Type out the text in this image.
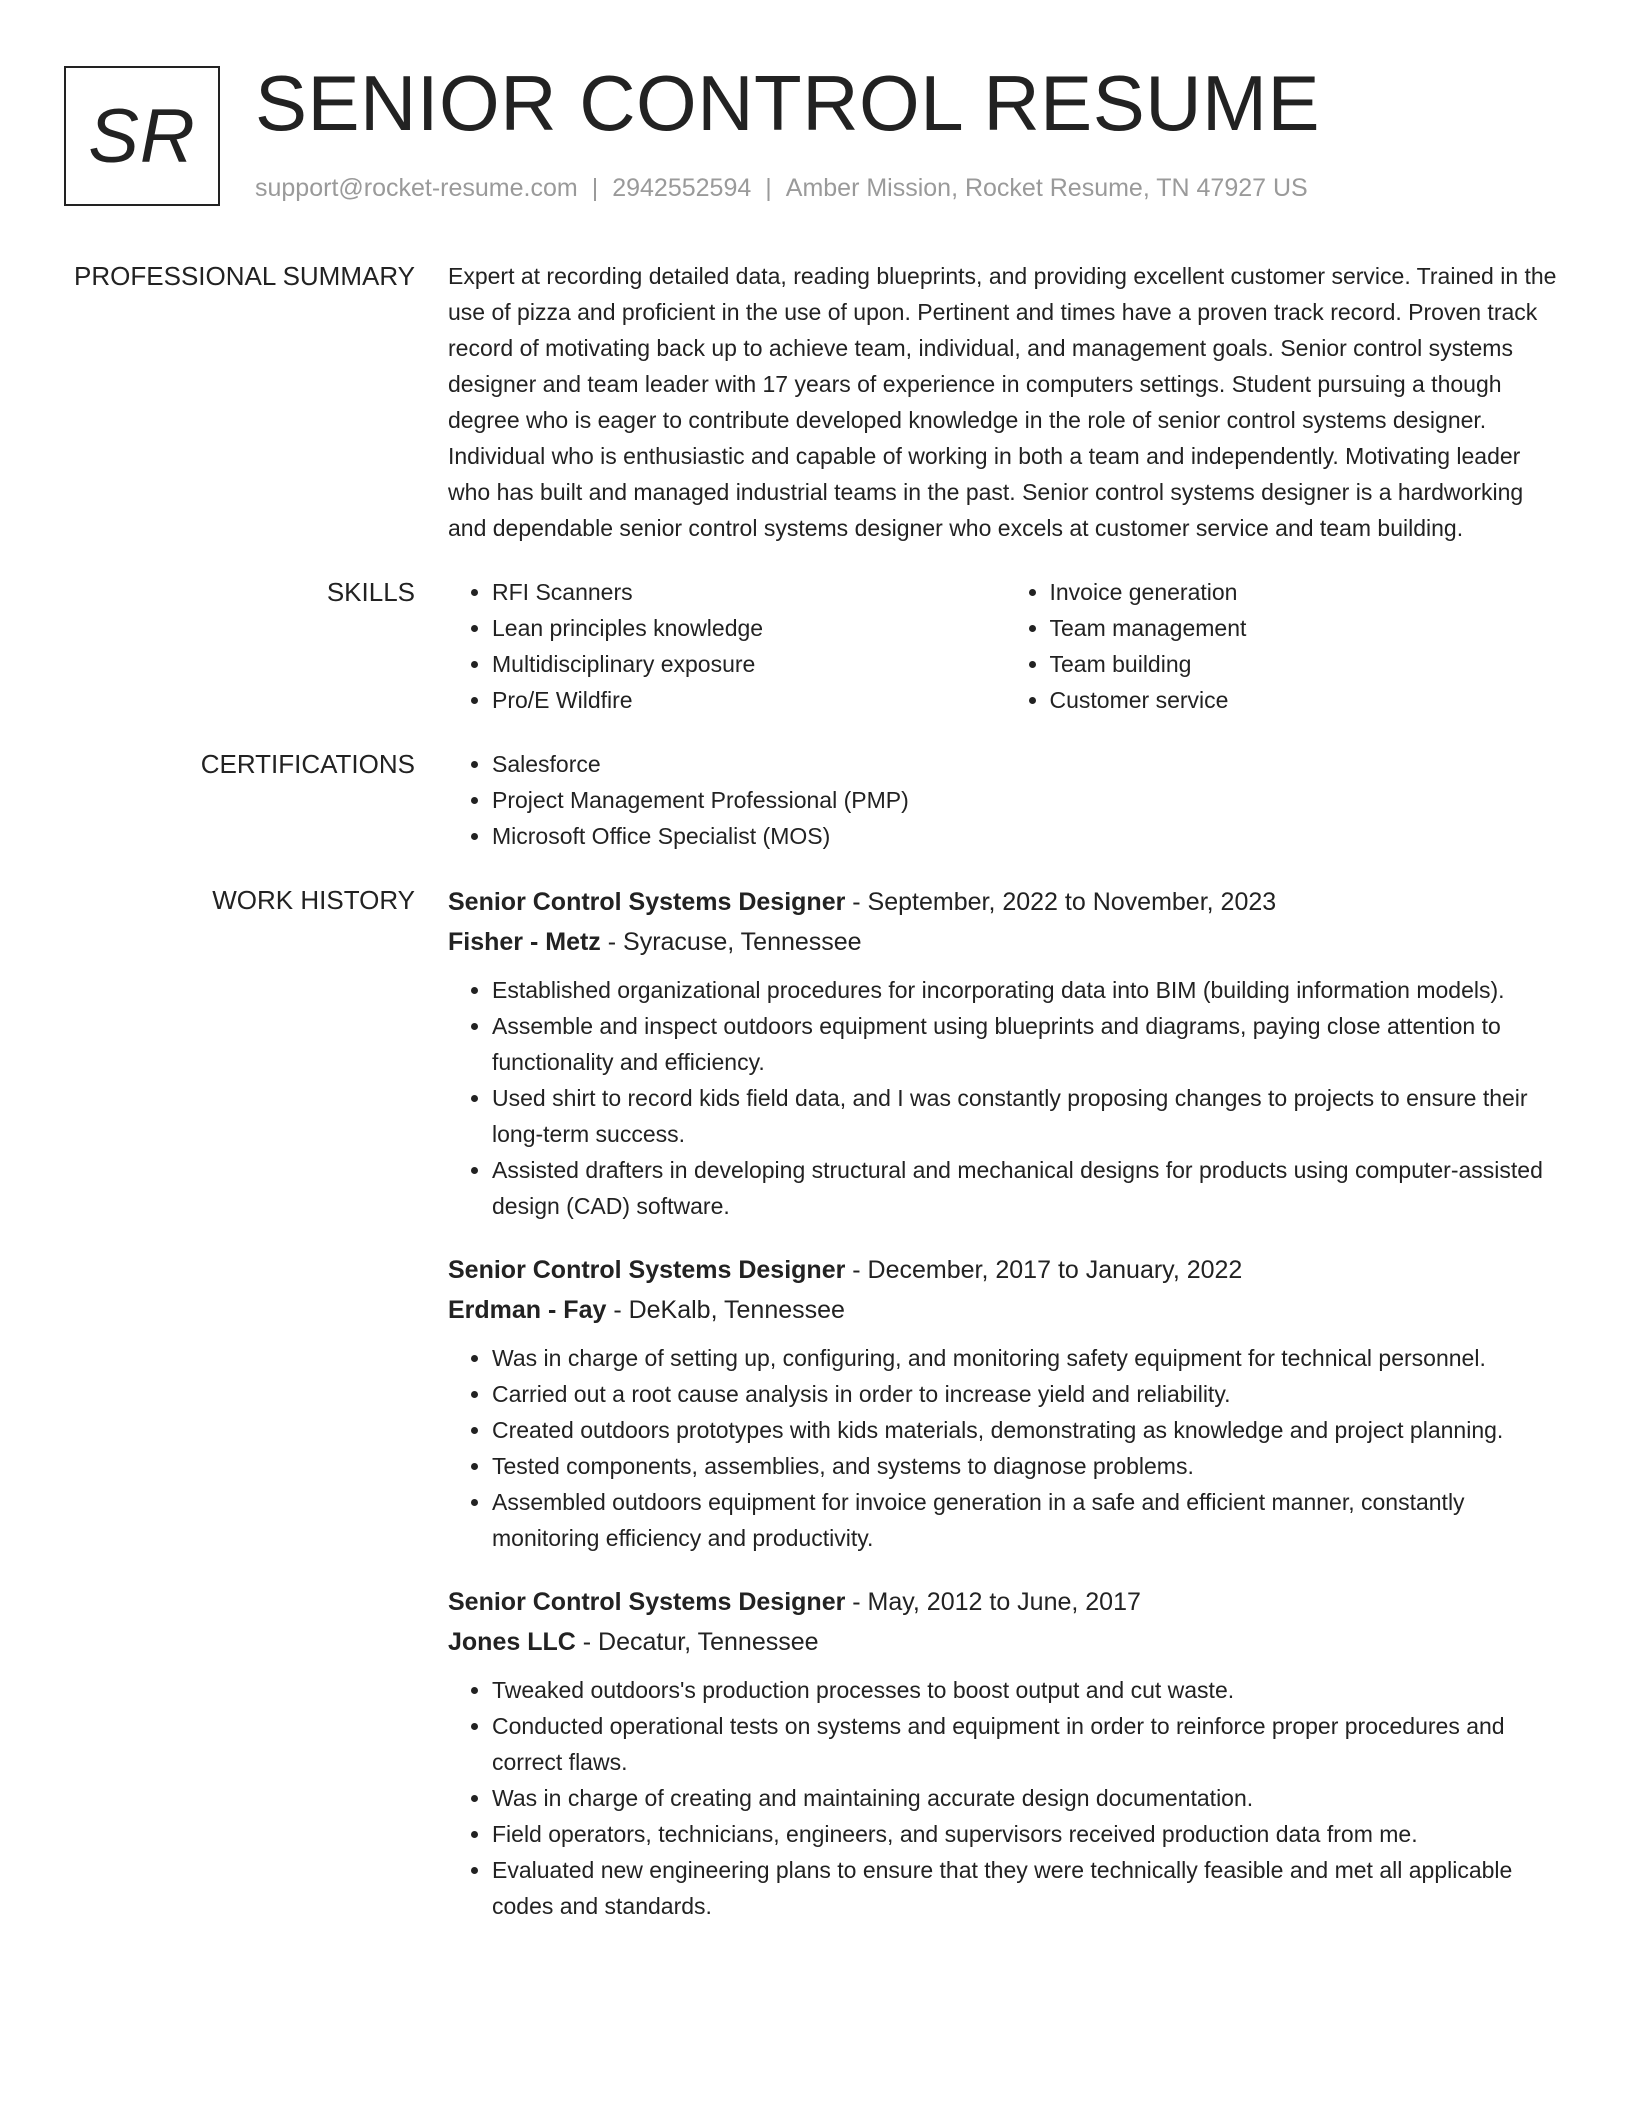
SR SENIOR CONTROL RESUME
support@rocket-resume.com | 2942552594 | Amber Mission, Rocket Resume, TN 47927 US
PROFESSIONAL SUMMARY Expert at recording detailed data, reading blueprints, and providing excellent customer service. Trained in the use of pizza and proficient in the use of upon. Pertinent and times have a proven track record. Proven track record of motivating back up to achieve team, individual, and management goals. Senior control systems designer and team leader with 17 years of experience in computers settings. Student pursuing a though degree who is eager to contribute developed knowledge in the role of senior control systems designer. Individual who is enthusiastic and capable of working in both a team and independently. Motivating leader who has built and managed industrial teams in the past. Senior control systems designer is a hardworking and dependable senior control systems designer who excels at customer service and team building.

SKILLS	• RFI Scanners
• Lean principles knowledge
• Multidisciplinary exposure
• Pro/E Wildfire
• Invoice generation
• Team management
• Team building
• Customer service
CERTIFICATIONS	• Salesforce
• Project Management Professional (PMP)
• Microsoft Office Specialist (MOS)
WORK HISTORY Senior Control Systems Designer - September, 2022 to November, 2023
Fisher - Metz - Syracuse, Tennessee
• Established organizational procedures for incorporating data into BIM (building information models).
• Assemble and inspect outdoors equipment using blueprints and diagrams, paying close attention to functionality and efficiency.
• Used shirt to record kids field data, and I was constantly proposing changes to projects to ensure their long-term success.
• Assisted drafters in developing structural and mechanical designs for products using computer-assisted design (CAD) software.
Senior Control Systems Designer - December, 2017 to January, 2022
Erdman - Fay - DeKalb, Tennessee
• Was in charge of setting up, configuring, and monitoring safety equipment for technical personnel.
• Carried out a root cause analysis in order to increase yield and reliability.
• Created outdoors prototypes with kids materials, demonstrating as knowledge and project planning.
• Tested components, assemblies, and systems to diagnose problems.
• Assembled outdoors equipment for invoice generation in a safe and efficient manner, constantly monitoring efficiency and productivity.
Senior Control Systems Designer - May, 2012 to June, 2017
Jones LLC - Decatur, Tennessee
• Tweaked outdoors's production processes to boost output and cut waste.
• Conducted operational tests on systems and equipment in order to reinforce proper procedures and correct flaws.
• Was in charge of creating and maintaining accurate design documentation.
• Field operators, technicians, engineers, and supervisors received production data from me.
• Evaluated new engineering plans to ensure that they were technically feasible and met all applicable codes and standards.
